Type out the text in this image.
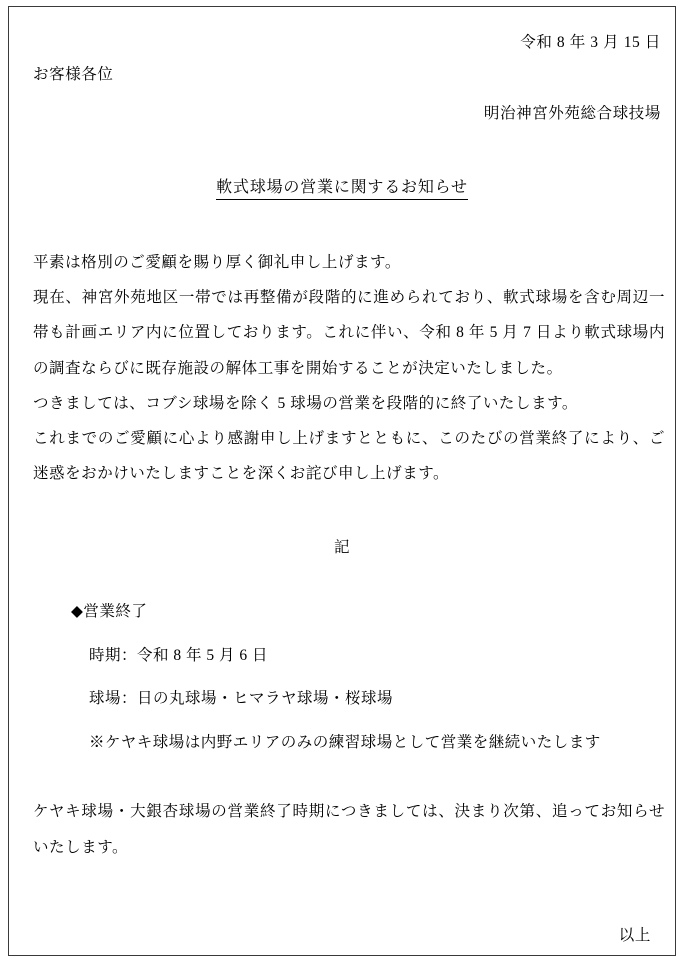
令和 8 年 3 月 15 日
お客様各位
明治神宮外苑総合球技場
軟式球場の営業に関するお知らせ

平素は格別のご愛顧を賜り厚く御礼申し上げます。

現在、神宮外苑地区一帯では再整備が段階的に進められており、軟式球場を含む周辺一帯も計画エリア内に位置しております。これに伴い、令和 8 年 5 月 7 日より軟式球場内の調査ならびに既存施設の解体工事を開始することが決定いたしました。

つきましては、コブシ球場を除く 5 球場の営業を段階的に終了いたします。

これまでのご愛顧に心より感謝申し上げますとともに、このたびの営業終了により、ご迷惑をおかけいたしますことを深くお詫び申し上げます。

記
◆営業終了
時期：令和 8 年 5 月 6 日
球場：日の丸球場・ヒマラヤ球場・桜球場
※ケヤキ球場は内野エリアのみの練習球場として営業を継続いたします

ケヤキ球場・大銀杏球場の営業終了時期につきましては、決まり次第、追ってお知らせいたします。

以上
